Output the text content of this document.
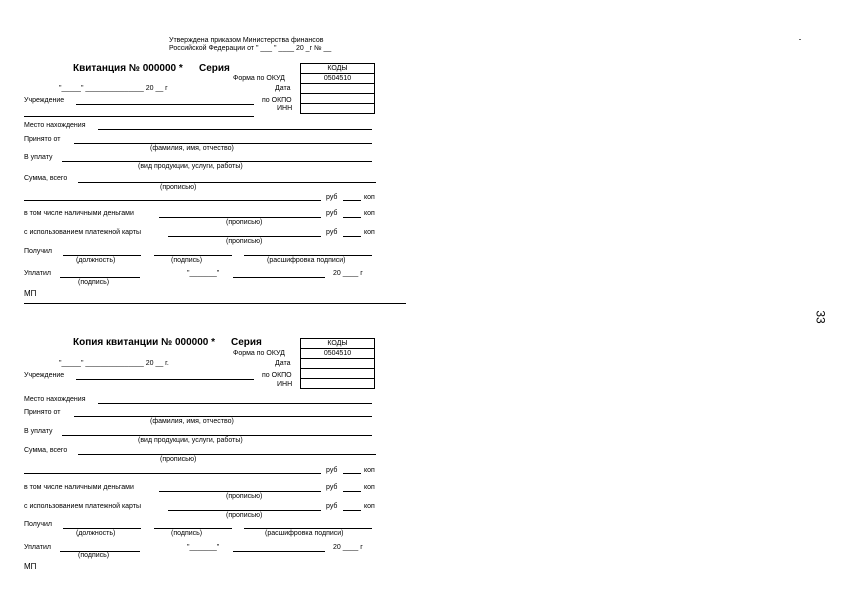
Утверждена приказом Министерства финансов
Российской Федерации от " ___ " ____ 20 _г № __
Квитанция № 000000 * Серия	КОДЫ
0504510
Форма по ОКУД
"_____" _______________ 20 __ г	Дата
Учреждение	по ОКПО
ИНН
Место нахождения
Принято от
(фамилия, имя, отчество)
В уплату
(вид продукции, услуги, работы)
Сумма, всего
(прописью)
руб	коп
в том числе наличными деньгами	руб	коп
(прописью)
с использованием платежной карты	руб	коп
(прописью)
Получил
(должность)	(подпись)	(расшифровка подписи)
Уплатил	"_______"	20 ____ г
(подпись)
МП
Копия квитанции № 000000 * Серия	КОДЫ
0504510
Форма по ОКУД
"_____" _______________ 20 __ г.	Дата
Учреждение	по ОКПО
ИНН
Место нахождения
Принято от
(фамилия, имя, отчество)
В уплату
(вид продукции, услуги, работы)
Сумма, всего
(прописью)
руб	коп
в том числе наличными деньгами	руб	коп
(прописью)
с использованием платежной карты	руб	коп
(прописью)
Получил
(должность)	(подпись)	(расшифровка подписи)
Уплатил	"_______"	20 ____ г
(подпись)
МП
33
